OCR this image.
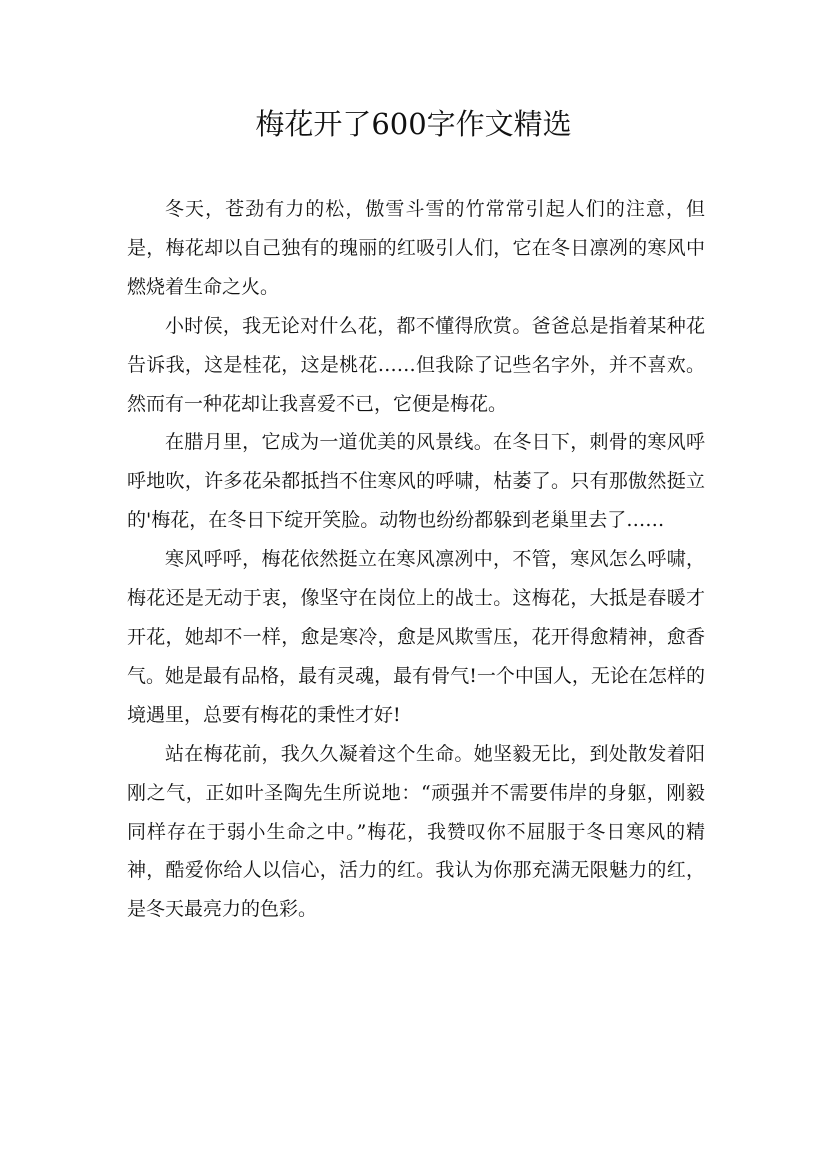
梅花开了600字作文精选

冬天，苍劲有力的松，傲雪斗雪的竹常常引起人们的注意，但是，梅花却以自己独有的瑰丽的红吸引人们，它在冬日凛冽的寒风中燃烧着生命之火。

小时侯，我无论对什么花，都不懂得欣赏。爸爸总是指着某种花告诉我，这是桂花，这是桃花……但我除了记些名字外，并不喜欢。然而有一种花却让我喜爱不已，它便是梅花。

在腊月里，它成为一道优美的风景线。在冬日下，刺骨的寒风呼呼地吹，许多花朵都抵挡不住寒风的呼啸，枯萎了。只有那傲然挺立的'梅花，在冬日下绽开笑脸。动物也纷纷都躲到老巢里去了……

寒风呼呼，梅花依然挺立在寒风凛冽中，不管，寒风怎么呼啸，梅花还是无动于衷，像坚守在岗位上的战士。这梅花，大抵是春暖才开花，她却不一样，愈是寒冷，愈是风欺雪压，花开得愈精神，愈香气。她是最有品格，最有灵魂，最有骨气!一个中国人，无论在怎样的境遇里，总要有梅花的秉性才好!

站在梅花前，我久久凝着这个生命。她坚毅无比，到处散发着阳刚之气，正如叶圣陶先生所说地：“顽强并不需要伟岸的身躯，刚毅同样存在于弱小生命之中。”梅花，我赞叹你不屈服于冬日寒风的精神，酷爱你给人以信心，活力的红。我认为你那充满无限魅力的红，是冬天最亮力的色彩。
